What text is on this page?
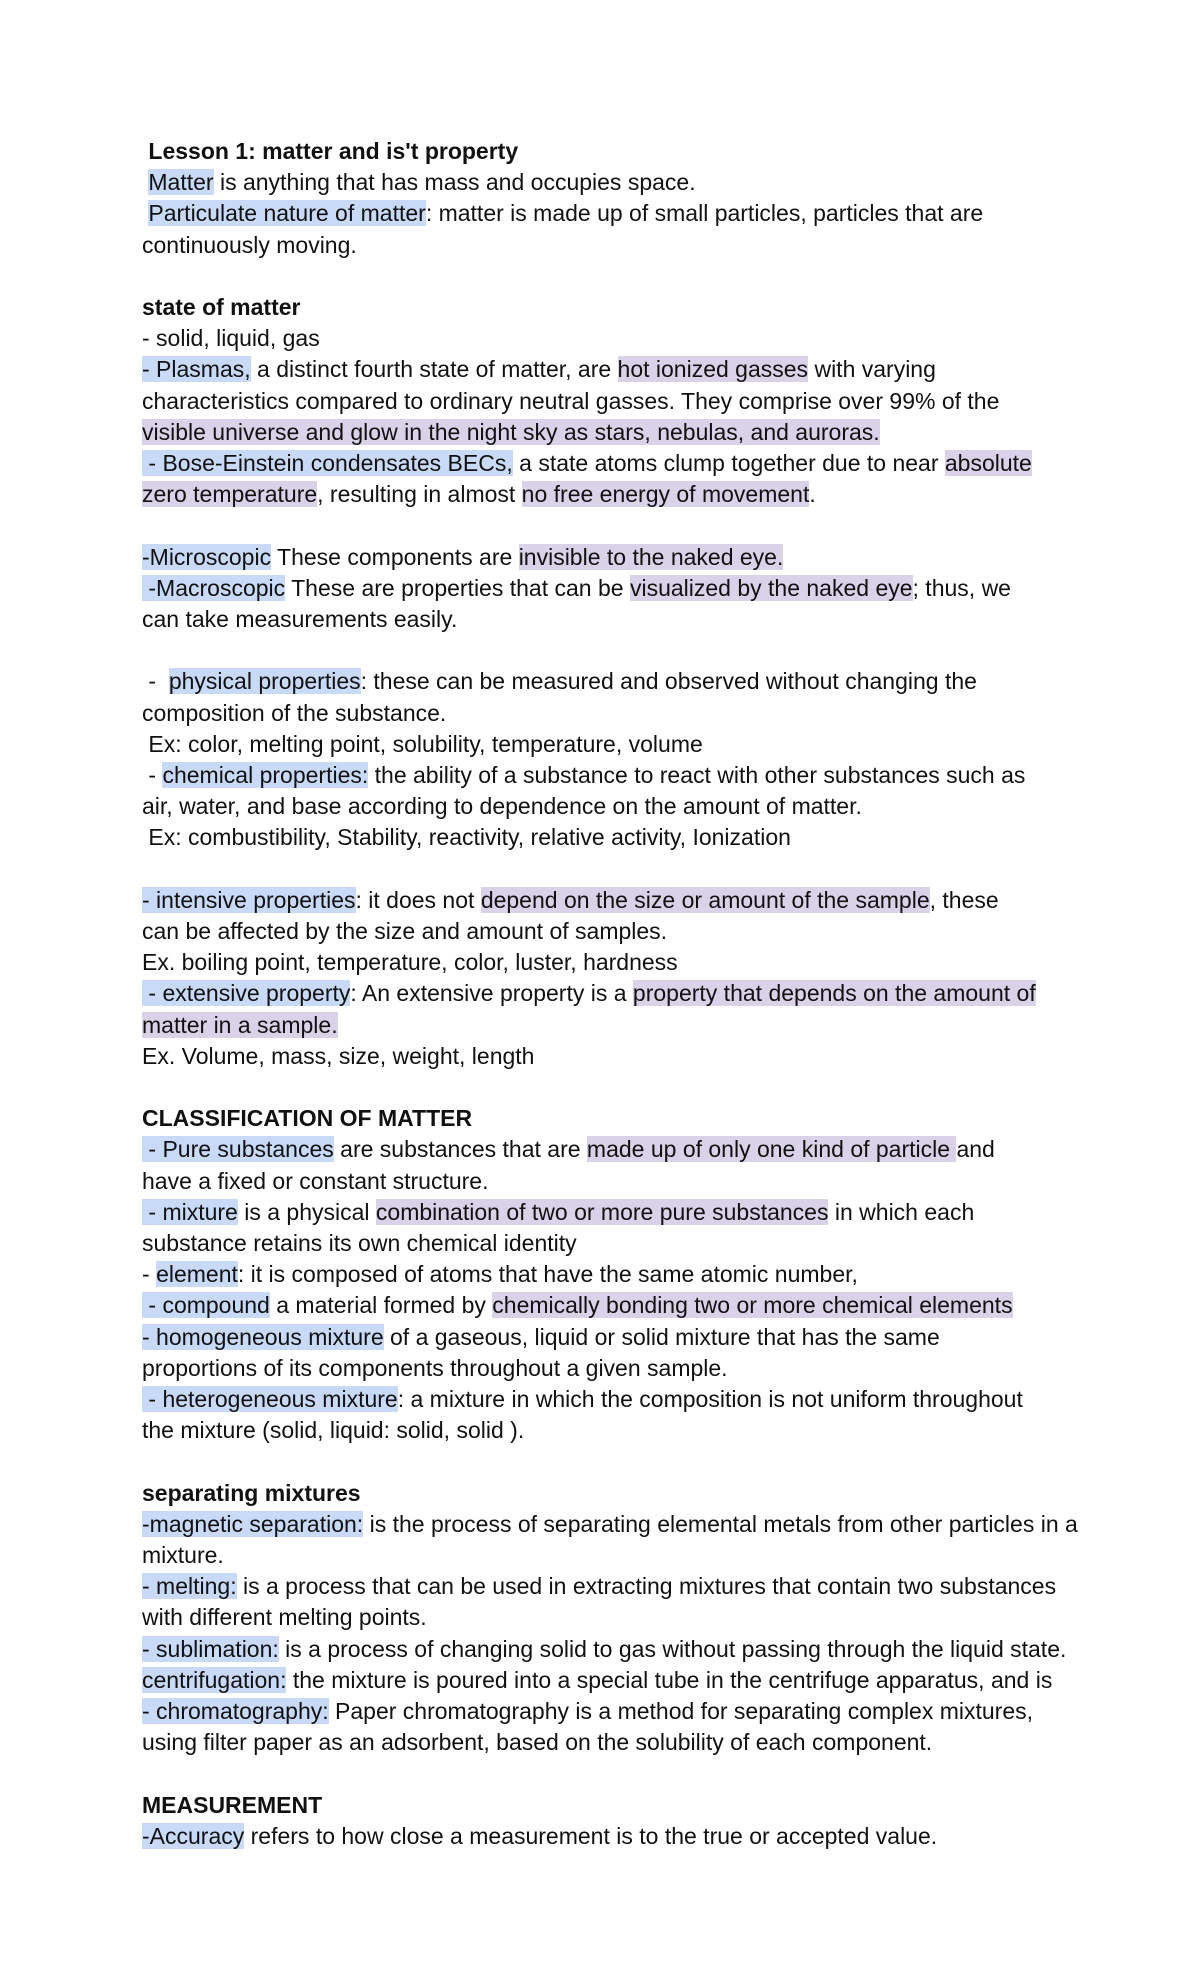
Lesson 1: matter and is't property
Matter is anything that has mass and occupies space.
Particulate nature of matter: matter is made up of small particles, particles that are
continuously moving.
state of matter
- solid, liquid, gas
- Plasmas, a distinct fourth state of matter, are hot ionized gasses with varying
characteristics compared to ordinary neutral gasses. They comprise over 99% of the
visible universe and glow in the night sky as stars, nebulas, and auroras.
- Bose-Einstein condensates BECs, a state atoms clump together due to near absolute
zero temperature, resulting in almost no free energy of movement.
-Microscopic These components are invisible to the naked eye.
-Macroscopic These are properties that can be visualized by the naked eye; thus, we
can take measurements easily.
-  physical properties: these can be measured and observed without changing the
composition of the substance.
Ex: color, melting point, solubility, temperature, volume
- chemical properties: the ability of a substance to react with other substances such as
air, water, and base according to dependence on the amount of matter.
Ex: combustibility, Stability, reactivity, relative activity, Ionization
- intensive properties: it does not depend on the size or amount of the sample, these
can be affected by the size and amount of samples.
Ex. boiling point, temperature, color, luster, hardness
- extensive property: An extensive property is a property that depends on the amount of
matter in a sample.
Ex. Volume, mass, size, weight, length
CLASSIFICATION OF MATTER
- Pure substances are substances that are made up of only one kind of particle and
have a fixed or constant structure.
- mixture is a physical combination of two or more pure substances in which each
substance retains its own chemical identity
- element: it is composed of atoms that have the same atomic number,
- compound a material formed by chemically bonding two or more chemical elements
- homogeneous mixture of a gaseous, liquid or solid mixture that has the same
proportions of its components throughout a given sample.
- heterogeneous mixture: a mixture in which the composition is not uniform throughout
the mixture (solid, liquid: solid, solid ).
separating mixtures
-magnetic separation: is the process of separating elemental metals from other particles in a
mixture.
- melting: is a process that can be used in extracting mixtures that contain two substances
with different melting points.
- sublimation: is a process of changing solid to gas without passing through the liquid state.
centrifugation: the mixture is poured into a special tube in the centrifuge apparatus, and is
- chromatography: Paper chromatography is a method for separating complex mixtures,
using filter paper as an adsorbent, based on the solubility of each component.
MEASUREMENT
-Accuracy refers to how close a measurement is to the true or accepted value.
